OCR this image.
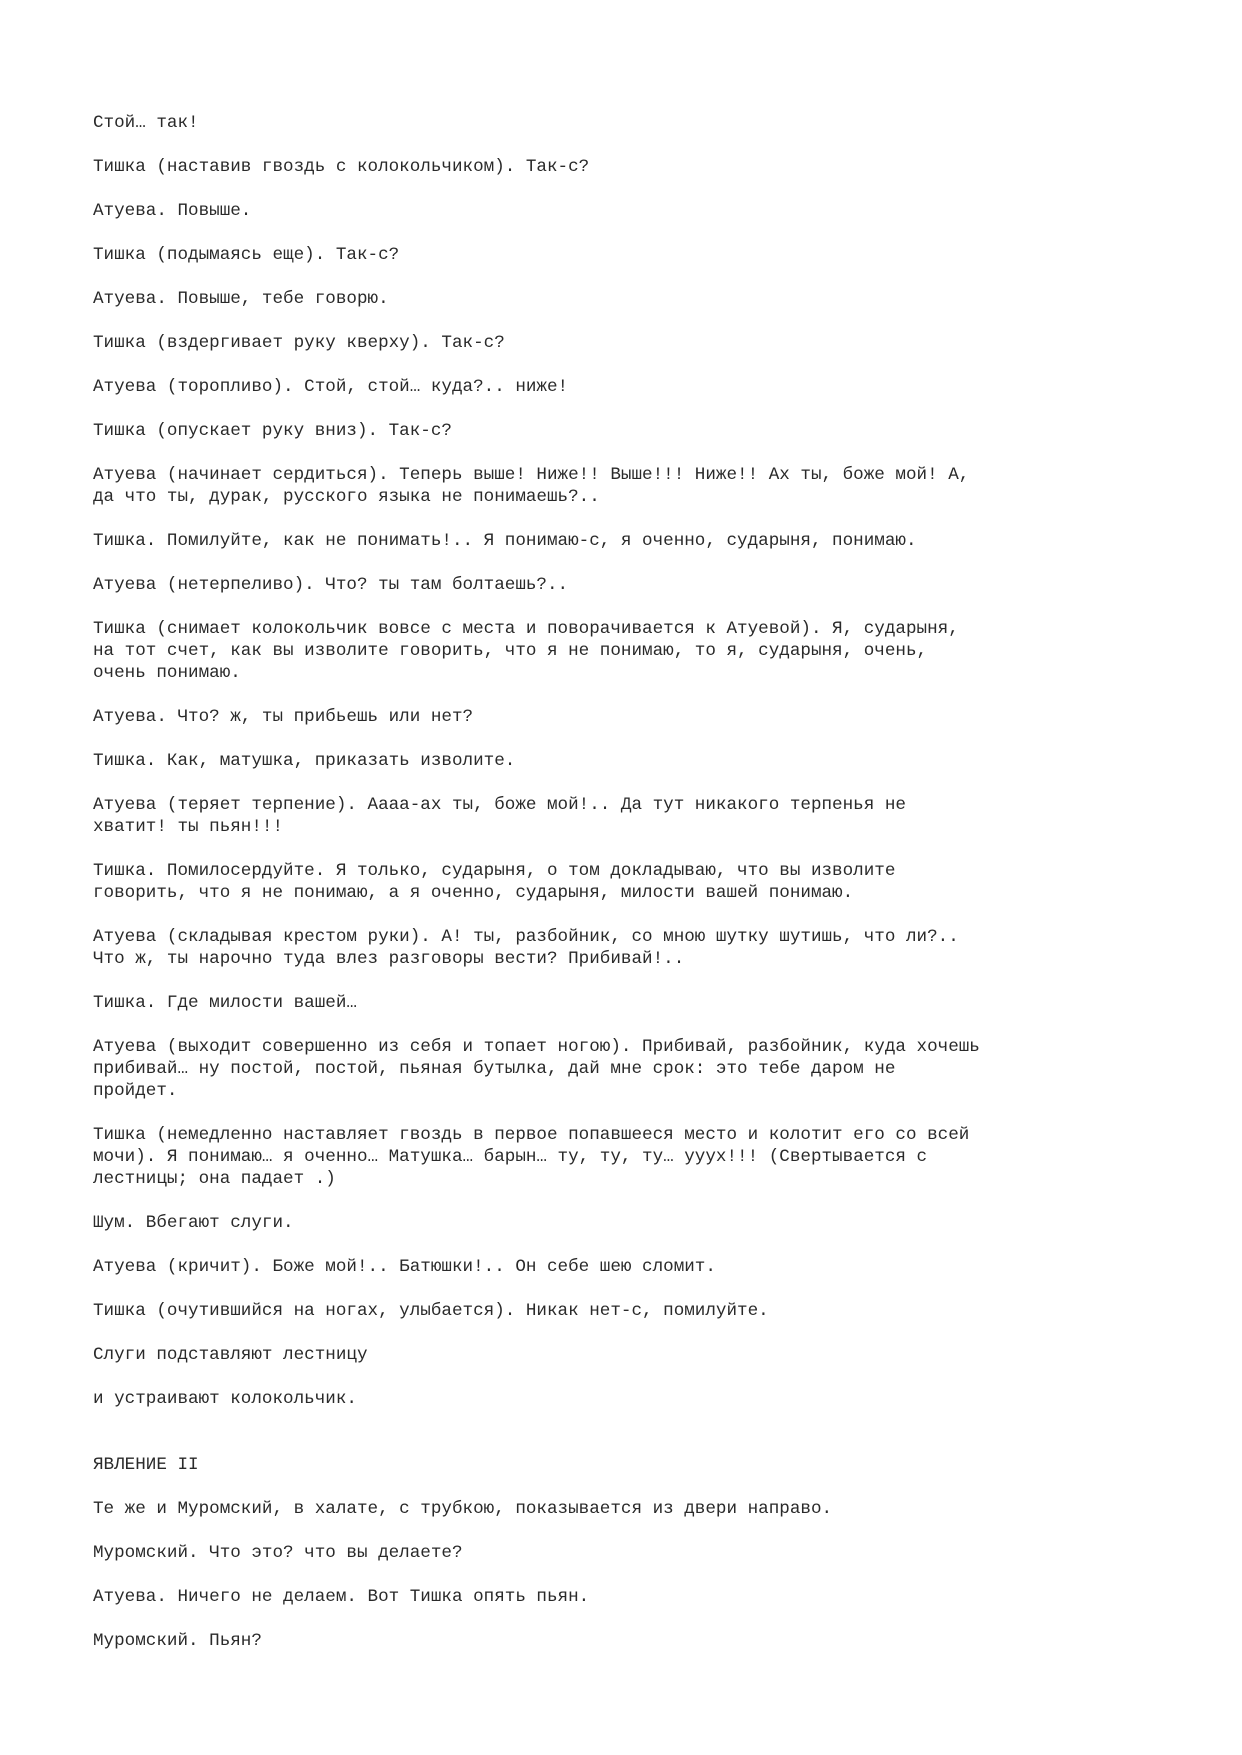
Стой… так!

Тишка (наставив гвоздь с колокольчиком). Так-с?

Атуева. Повыше.

Тишка (подымаясь еще). Так-с?

Атуева. Повыше, тебе говорю.

Тишка (вздергивает руку кверху). Так-с?

Атуева (торопливо). Стой, стой… куда?.. ниже!

Тишка (опускает руку вниз). Так-с?

Атуева (начинает сердиться). Теперь выше! Ниже!! Выше!!! Ниже!! Ах ты, боже мой! А,
да что ты, дурак, русского языка не понимаешь?..

Тишка. Помилуйте, как не понимать!.. Я понимаю-с, я оченно, сударыня, понимаю.

Атуева (нетерпеливо). Что? ты там болтаешь?..

Тишка (снимает колокольчик вовсе с места и поворачивается к Атуевой). Я, сударыня,
на тот счет, как вы изволите говорить, что я не понимаю, то я, сударыня, очень,
очень понимаю.

Атуева. Что? ж, ты прибьешь или нет?

Тишка. Как, матушка, приказать изволите.

Атуева (теряет терпение). Аааа-ах ты, боже мой!.. Да тут никакого терпенья не
хватит! ты пьян!!!

Тишка. Помилосердуйте. Я только, сударыня, о том докладываю, что вы изволите
говорить, что я не понимаю, а я оченно, сударыня, милости вашей понимаю.

Атуева (складывая крестом руки). А! ты, разбойник, со мною шутку шутишь, что ли?..
Что ж, ты нарочно туда влез разговоры вести? Прибивай!..

Тишка. Где милости вашей…

Атуева (выходит совершенно из себя и топает ногою). Прибивай, разбойник, куда хочешь
прибивай… ну постой, постой, пьяная бутылка, дай мне срок: это тебе даром не
пройдет.

Тишка (немедленно наставляет гвоздь в первое попавшееся место и колотит его со всей
мочи). Я понимаю… я оченно… Матушка… барын… ту, ту, ту… уууx!!! (Свертывается с
лестницы; она падает .)

Шум. Вбегают слуги.

Атуева (кричит). Боже мой!.. Батюшки!.. Он себе шею сломит.

Тишка (очутившийся на ногах, улыбается). Никак нет-с, помилуйте.

Слуги подставляют лестницу

и устраивают колокольчик.

ЯВЛЕНИЕ II

Те же и Муромский, в халате, с трубкою, показывается из двери направо.

Муромский. Что это? что вы делаете?

Атуева. Ничего не делаем. Вот Тишка опять пьян.

Муромский. Пьян?
